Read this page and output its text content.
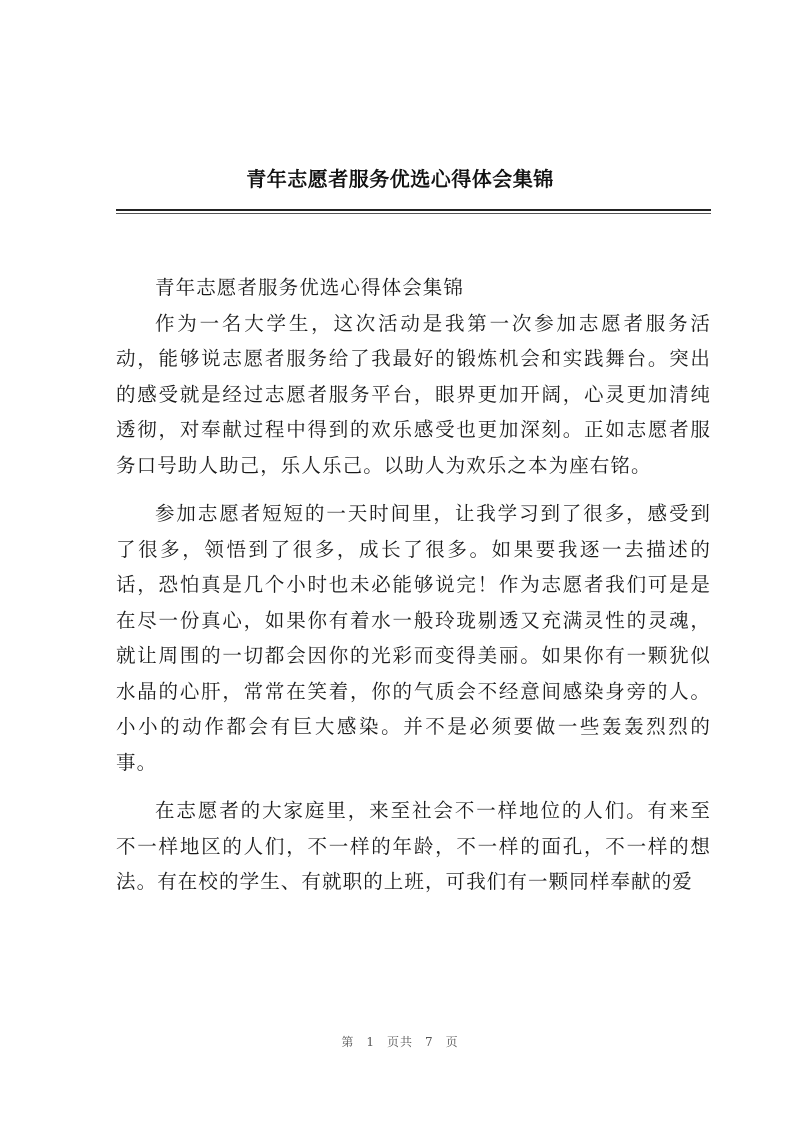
青年志愿者服务优选心得体会集锦

青年志愿者服务优选心得体会集锦

作为一名大学生，这次活动是我第一次参加志愿者服务活动，能够说志愿者服务给了我最好的锻炼机会和实践舞台。突出的感受就是经过志愿者服务平台，眼界更加开阔，心灵更加清纯透彻，对奉献过程中得到的欢乐感受也更加深刻。正如志愿者服务口号助人助己，乐人乐己。以助人为欢乐之本为座右铭。

参加志愿者短短的一天时间里，让我学习到了很多，感受到了很多，领悟到了很多，成长了很多。如果要我逐一去描述的话，恐怕真是几个小时也未必能够说完！作为志愿者我们可是是在尽一份真心，如果你有着水一般玲珑剔透又充满灵性的灵魂，就让周围的一切都会因你的光彩而变得美丽。如果你有一颗犹似水晶的心肝，常常在笑着，你的气质会不经意间感染身旁的人。小小的动作都会有巨大感染。并不是必须要做一些轰轰烈烈的事。

在志愿者的大家庭里，来至社会不一样地位的人们。有来至不一样地区的人们，不一样的年龄，不一样的面孔，不一样的想法。有在校的学生、有就职的上班，可我们有一颗同样奉献的爱

第 1 页共 7 页
